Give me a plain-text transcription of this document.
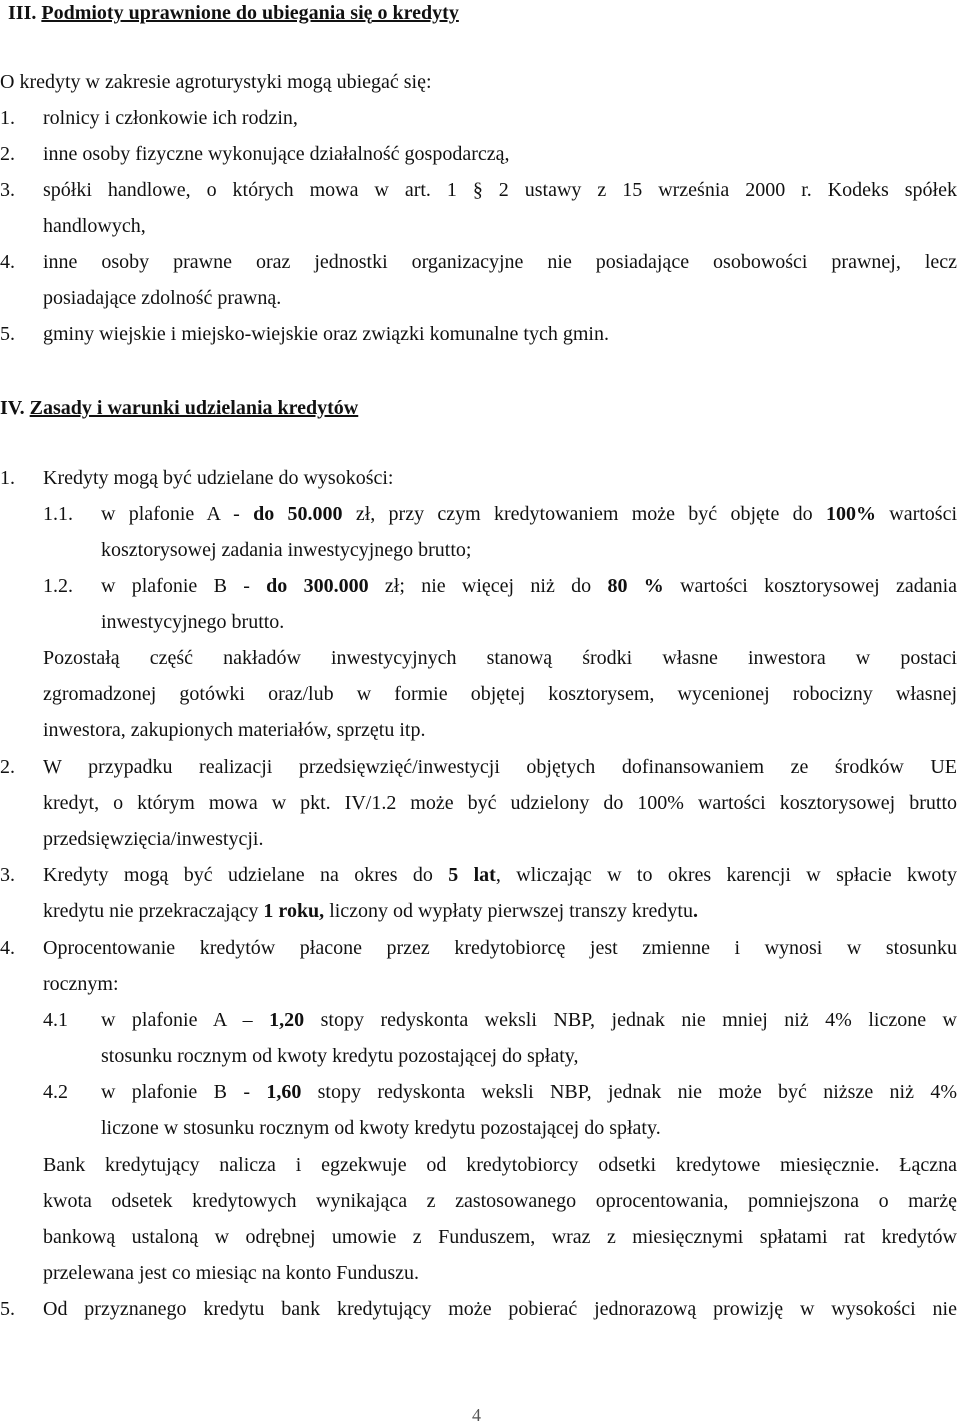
III. Podmioty uprawnione do ubiegania się o kredyty
O kredyty w zakresie agroturystyki mogą ubiegać się:
1. rolnicy i członkowie ich rodzin,
2. inne osoby fizyczne wykonujące działalność gospodarczą,
3. spółki handlowe, o których mowa w art. 1 § 2 ustawy z 15 września 2000 r. Kodeks spółek
handlowych,
4. inne osoby prawne oraz jednostki organizacyjne nie posiadające osobowości prawnej, lecz
posiadające zdolność prawną.
5. gminy wiejskie i miejsko-wiejskie oraz związki komunalne tych gmin.
IV. Zasady i warunki udzielania kredytów
1. Kredyty mogą być udzielane do wysokości:
1.1. w plafonie A - do 50.000 zł, przy czym kredytowaniem może być objęte do 100% wartości
kosztorysowej zadania inwestycyjnego brutto;
1.2. w plafonie B - do 300.000 zł; nie więcej niż do 80 % wartości kosztorysowej zadania
inwestycyjnego brutto.
Pozostałą część nakładów inwestycyjnych stanową środki własne inwestora w postaci
zgromadzonej gotówki oraz/lub w formie objętej kosztorysem, wycenionej robocizny własnej
inwestora, zakupionych materiałów, sprzętu itp.
2. W przypadku realizacji przedsięwzięć/inwestycji objętych dofinansowaniem ze środków UE
kredyt, o którym mowa w pkt. IV/1.2 może być udzielony do 100% wartości kosztorysowej brutto
przedsięwzięcia/inwestycji.
3. Kredyty mogą być udzielane na okres do 5 lat, wliczając w to okres karencji w spłacie kwoty
kredytu nie przekraczający 1 roku, liczony od wypłaty pierwszej transzy kredytu.
4. Oprocentowanie kredytów płacone przez kredytobiorcę jest zmienne i wynosi w stosunku
rocznym:
4.1 w plafonie A – 1,20 stopy redyskonta weksli NBP, jednak nie mniej niż 4% liczone w
stosunku rocznym od kwoty kredytu pozostającej do spłaty,
4.2 w plafonie B - 1,60 stopy redyskonta weksli NBP, jednak nie może być niższe niż 4%
liczone w stosunku rocznym od kwoty kredytu pozostającej do spłaty.
Bank kredytujący nalicza i egzekwuje od kredytobiorcy odsetki kredytowe miesięcznie. Łączna
kwota odsetek kredytowych wynikająca z zastosowanego oprocentowania, pomniejszona o marżę
bankową ustaloną w odrębnej umowie z Funduszem, wraz z miesięcznymi spłatami rat kredytów
przelewana jest co miesiąc na konto Funduszu.
5. Od przyznanego kredytu bank kredytujący może pobierać jednorazową prowizję w wysokości nie
4
